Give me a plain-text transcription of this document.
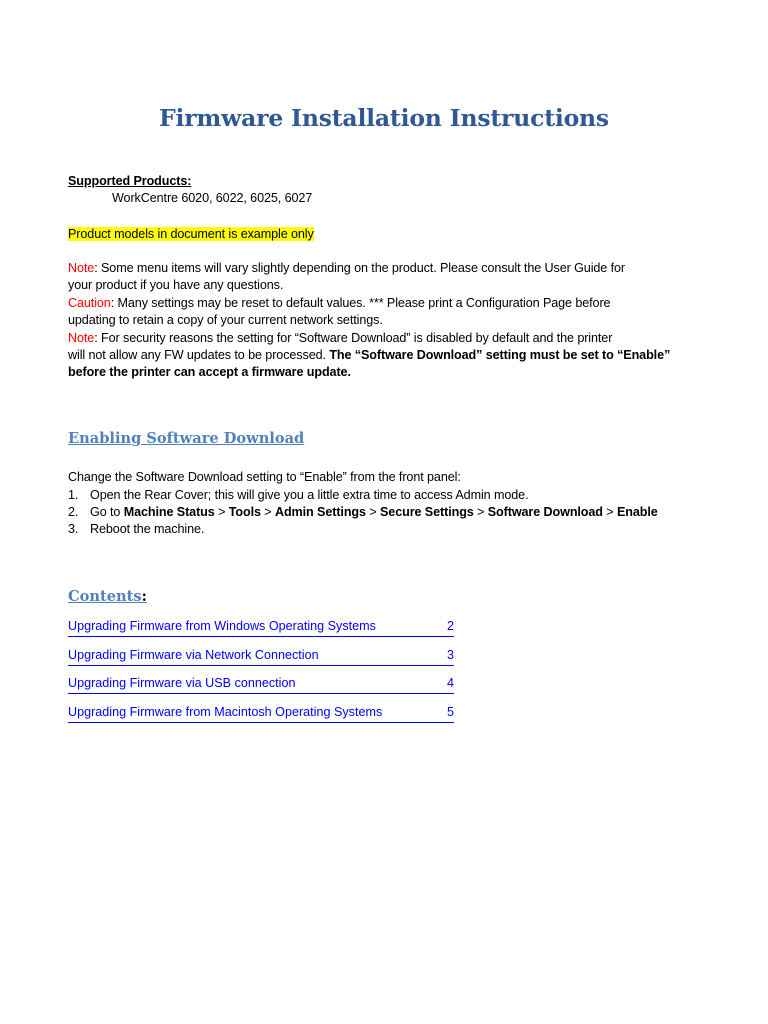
Firmware Installation Instructions
Supported Products:
WorkCentre 6020, 6022, 6025, 6027
Product models in document is example only
Note: Some menu items will vary slightly depending on the product. Please consult the User Guide for
your product if you have any questions.
Caution: Many settings may be reset to default values. *** Please print a Configuration Page before
updating to retain a copy of your current network settings.
Note: For security reasons the setting for “Software Download” is disabled by default and the printer
will not allow any FW updates to be processed. The “Software Download” setting must be set to “Enable”
before the printer can accept a firmware update.
Enabling Software Download
Change the Software Download setting to “Enable” from the front panel:
1. Open the Rear Cover; this will give you a little extra time to access Admin mode.
2. Go to Machine Status > Tools > Admin Settings > Secure Settings > Software Download > Enable
3. Reboot the machine.
Contents:
Upgrading Firmware from Windows Operating Systems	2
Upgrading Firmware via Network Connection	3
Upgrading Firmware via USB connection	4
Upgrading Firmware from Macintosh Operating Systems	5
